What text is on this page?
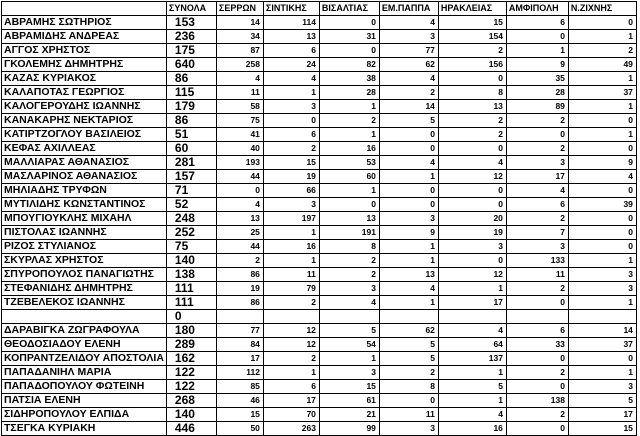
	ΣΥΝΟΛΑ	ΣΕΡΡΩΝ	ΣΙΝΤΙΚΗΣ	ΒΙΣΑΛΤΙΑΣ	ΕΜ.ΠΑΠΠΑ	ΗΡΑΚΛΕΙΑΣ	ΑΜΦΙΠΟΛΗ	Ν.ΖΙΧΝΗΣ
ΑΒΡΑΜΗΣ ΣΩΤΗΡΙΟΣ	153	14	114	0	4	15	6	0
ΑΒΡΑΜΙΔΗΣ ΑΝΔΡΕΑΣ	236	34	13	31	3	154	0	1
ΑΓΓΟΣ ΧΡΗΣΤΟΣ	175	87	6	0	77	2	1	2
ΓΚΟΛΕΜΗΣ ΔΗΜΗΤΡΗΣ	640	258	24	82	62	156	9	49
ΚΑΖΑΣ ΚΥΡΙΑΚΟΣ	86	4	4	38	4	0	35	1
ΚΑΛΑΠΟΤΑΣ ΓΕΩΡΓΙΟΣ	115	11	1	28	2	8	28	37
ΚΑΛΟΓΕΡΟΥΔΗΣ ΙΩΑΝΝΗΣ	179	58	3	1	14	13	89	1
ΚΑΝΑΚΑΡΗΣ ΝΕΚΤΑΡΙΟΣ	86	75	0	2	5	2	2	0
ΚΑΤΙΡΤΖΟΓΛΟΥ ΒΑΣΙΛΕΙΟΣ	51	41	6	1	0	2	0	1
ΚΕΦΑΣ ΑΧΙΛΛΕΑΣ	60	40	2	16	0	0	2	0
ΜΑΛΛΙΑΡΑΣ ΑΘΑΝΑΣΙΟΣ	281	193	15	53	4	4	3	9
ΜΑΣΛΑΡΙΝΟΣ ΑΘΑΝΑΣΙΟΣ	157	44	19	60	1	12	17	4
ΜΗΛΙΑΔΗΣ ΤΡΥΦΩΝ	71	0	66	1	0	0	4	0
ΜΥΤΙΛΙΔΗΣ ΚΩΝΣΤΑΝΤΙΝΟΣ	52	4	3	0	0	0	6	39
ΜΠΟΥΓΙΟΥΚΛΗΣ ΜΙΧΑΗΛ	248	13	197	13	3	20	2	0
ΠΙΣΤΟΛΑΣ ΙΩΑΝΝΗΣ	252	25	1	191	9	19	7	0
ΡΙΖΟΣ ΣΤΥΛΙΑΝΟΣ	75	44	16	8	1	3	3	0
ΣΚΥΡΛΑΣ ΧΡΗΣΤΟΣ	140	2	1	2	1	0	133	1
ΣΠΥΡΟΠΟΥΛΟΣ ΠΑΝΑΓΙΩΤΗΣ	138	86	11	2	13	12	11	3
ΣΤΕΦΑΝΙΔΗΣ ΔΗΜΗΤΡΗΣ	111	19	79	3	4	1	2	3
ΤΖΕΒΕΛΕΚΟΣ ΙΩΑΝΝΗΣ	111	86	2	4	1	17	0	1
	0							
ΔΑΡΑΒΙΓΚΑ ΖΩΓΡΑΦΟΥΛΑ	180	77	12	5	62	4	6	14
ΘΕΟΔΟΣΙΑΔΟΥ ΕΛΕΝΗ	289	84	12	54	5	64	33	37
ΚΟΠΡΑΝΤΖΕΛΙΔΟΥ ΑΠΟΣΤΟΛΙΑ	162	17	2	1	5	137	0	0
ΠΑΠΑΔΑΝΙΗΛ ΜΑΡΙΑ	122	112	1	3	2	1	2	1
ΠΑΠΑΔΟΠΟΥΛΟΥ ΦΩΤΕΙΝΗ	122	85	6	15	8	5	0	3
ΠΑΤΣΙΑ ΕΛΕΝΗ	268	46	17	61	0	1	138	5
ΣΙΔΗΡΟΠΟΥΛΟΥ ΕΛΠΙΔΑ	140	15	70	21	11	4	2	17
ΤΣΕΓΚΑ ΚΥΡΙΑΚΗ	446	50	263	99	3	16	0	15
